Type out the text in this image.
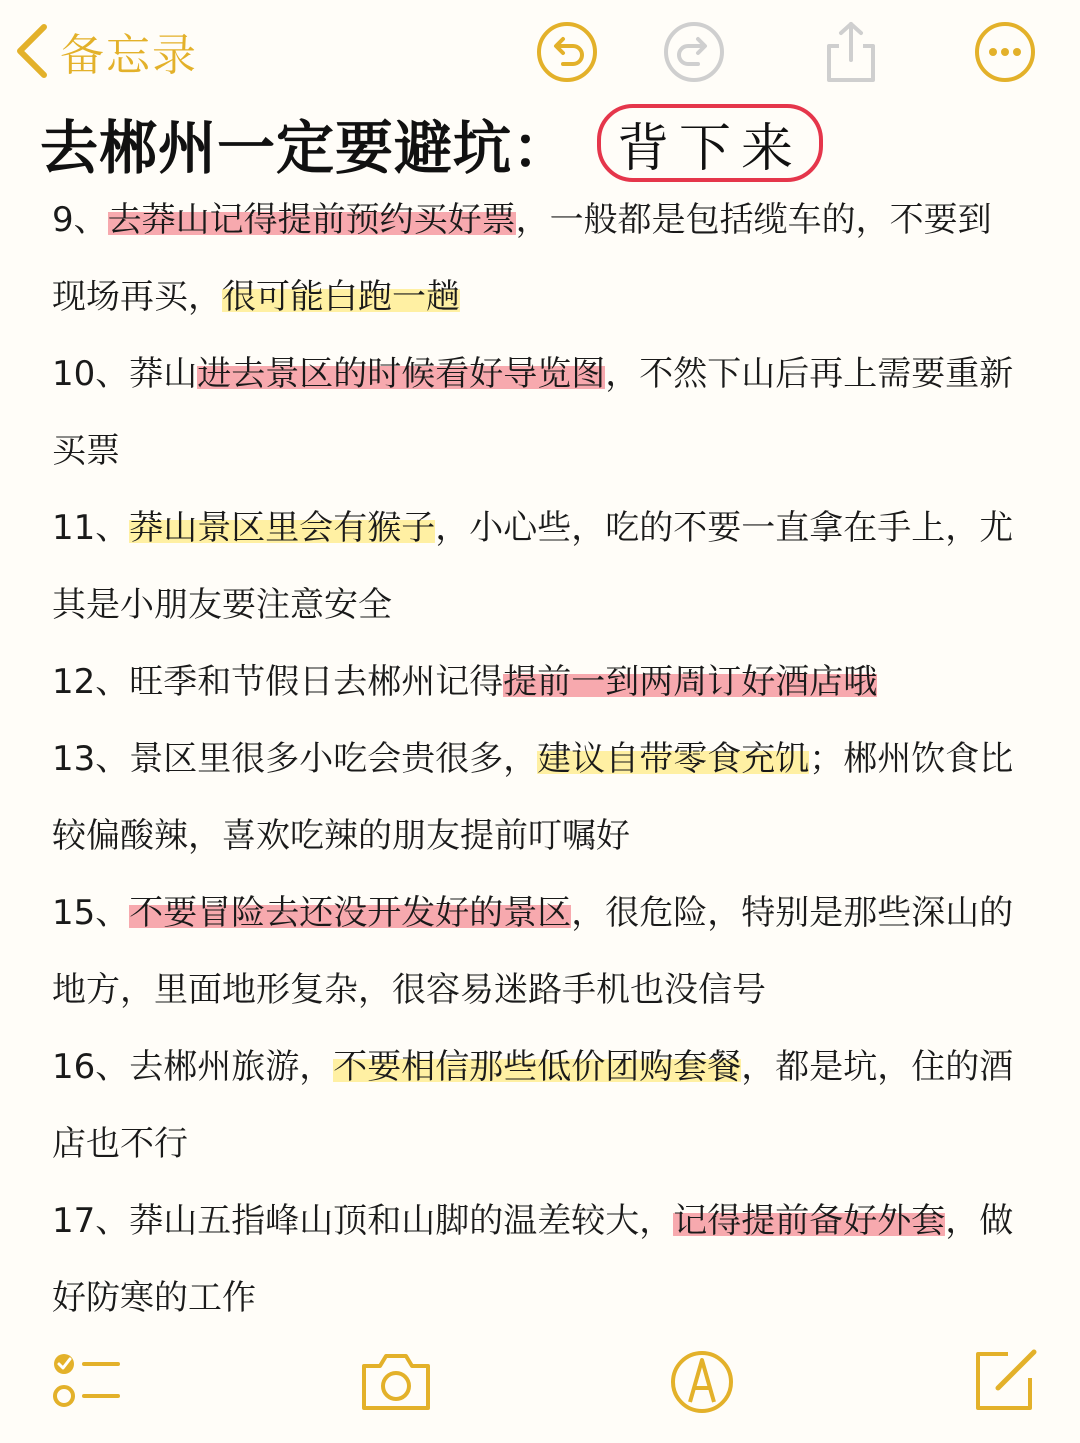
备忘录
去郴州一定要避坑： 背下来

9、去莽山记得提前预约买好票，一般都是包括缆车的，不要到

现场再买，很可能白跑一趟

10、莽山进去景区的时候看好导览图，不然下山后再上需要重新

买票

11、莽山景区里会有猴子，小心些，吃的不要一直拿在手上，尤

其是小朋友要注意安全

12、旺季和节假日去郴州记得提前一到两周订好酒店哦

13、景区里很多小吃会贵很多，建议自带零食充饥；郴州饮食比

较偏酸辣，喜欢吃辣的朋友提前叮嘱好

15、不要冒险去还没开发好的景区，很危险，特别是那些深山的

地方，里面地形复杂，很容易迷路手机也没信号

16、去郴州旅游，不要相信那些低价团购套餐，都是坑，住的酒

店也不行

17、莽山五指峰山顶和山脚的温差较大，记得提前备好外套，做

好防寒的工作
